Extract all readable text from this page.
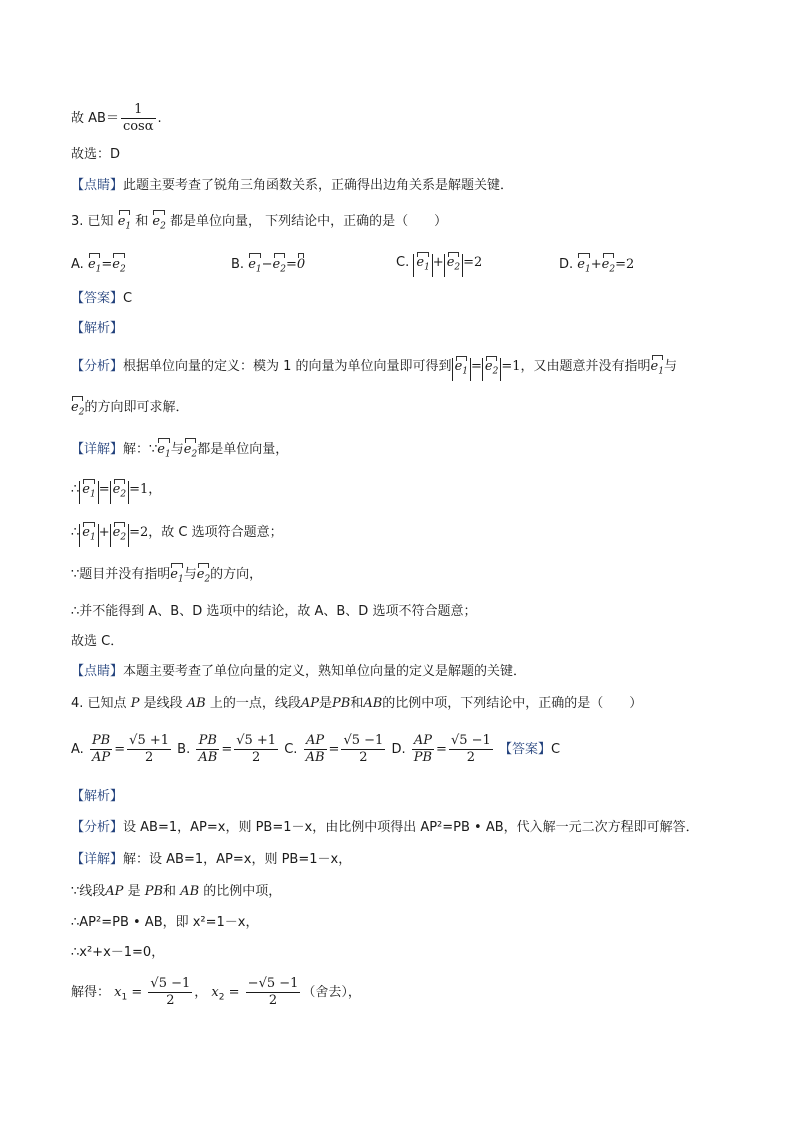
故 $AB= \frac{1}{\cos\alpha}$ .
故选：D
【点睛】此题主要考查了锐角三角函数关系，正确得出边角关系是解题关键．
3. 已知 $e_1$ 和 $e_2$ 都是单位向量， 下列结论中，正确的是（　　）
A. $e_1=e_2$	B. $e_1-e_2=0$	C. $e_1 + e_2 =2$	D. $e_1+e_2=2$
【答案】C
【解析】
【分析】根据单位向量的定义：模为 1 的向量为单位向量即可得到 $e_1 = e_2 =1$，又由题意并没有指明$e_1$与
$e_2$的方向即可求解．
【详解】解：$\because e_1$与$e_2$都是单位向量，
∴ $e_1 = e_2 =1$，
∴ $e_1 + e_2 =2$，故 C 选项符合题意；
∵题目并没有指明$e_1$与$e_2$的方向，
∴并不能得到 A、B、D 选项中的结论，故 A、B、D 选项不符合题意；
故选 C．
【点睛】本题主要考查了单位向量的定义，熟知单位向量的定义是解题的关键．
4. 已知点 P 是线段 AB 上的一点，线段AP是PB和AB的比例中项，下列结论中，正确的是（　　）
A. $\frac{PB}{AP} = \frac{√5 +1}{2} B$. $\frac{PB}{AB} = \frac{√5 +1}{2} C$. $\frac{AP}{AB} = \frac{√5 -1}{2} D$. $\frac{AP}{PB} = \frac{√5 -1}{2}$ 【答案】C
【解析】
【分析】设 AB=1，AP=x，则 PB=1－x，由比例中项得出 AP²=PB • AB，代入解一元二次方程即可解答．
【详解】解：设 AB=1，AP=x，则 PB=1－x，
∵线段AP 是 PB和 AB 的比例中项，
∴AP²=PB • AB，即 x²=1－x，
∴x²+x－1=0，
解得： $x_1 = \frac{√5 -1}{2}$ ， $x_2 = \frac{-√5 -1}{2}$ （舍去），
